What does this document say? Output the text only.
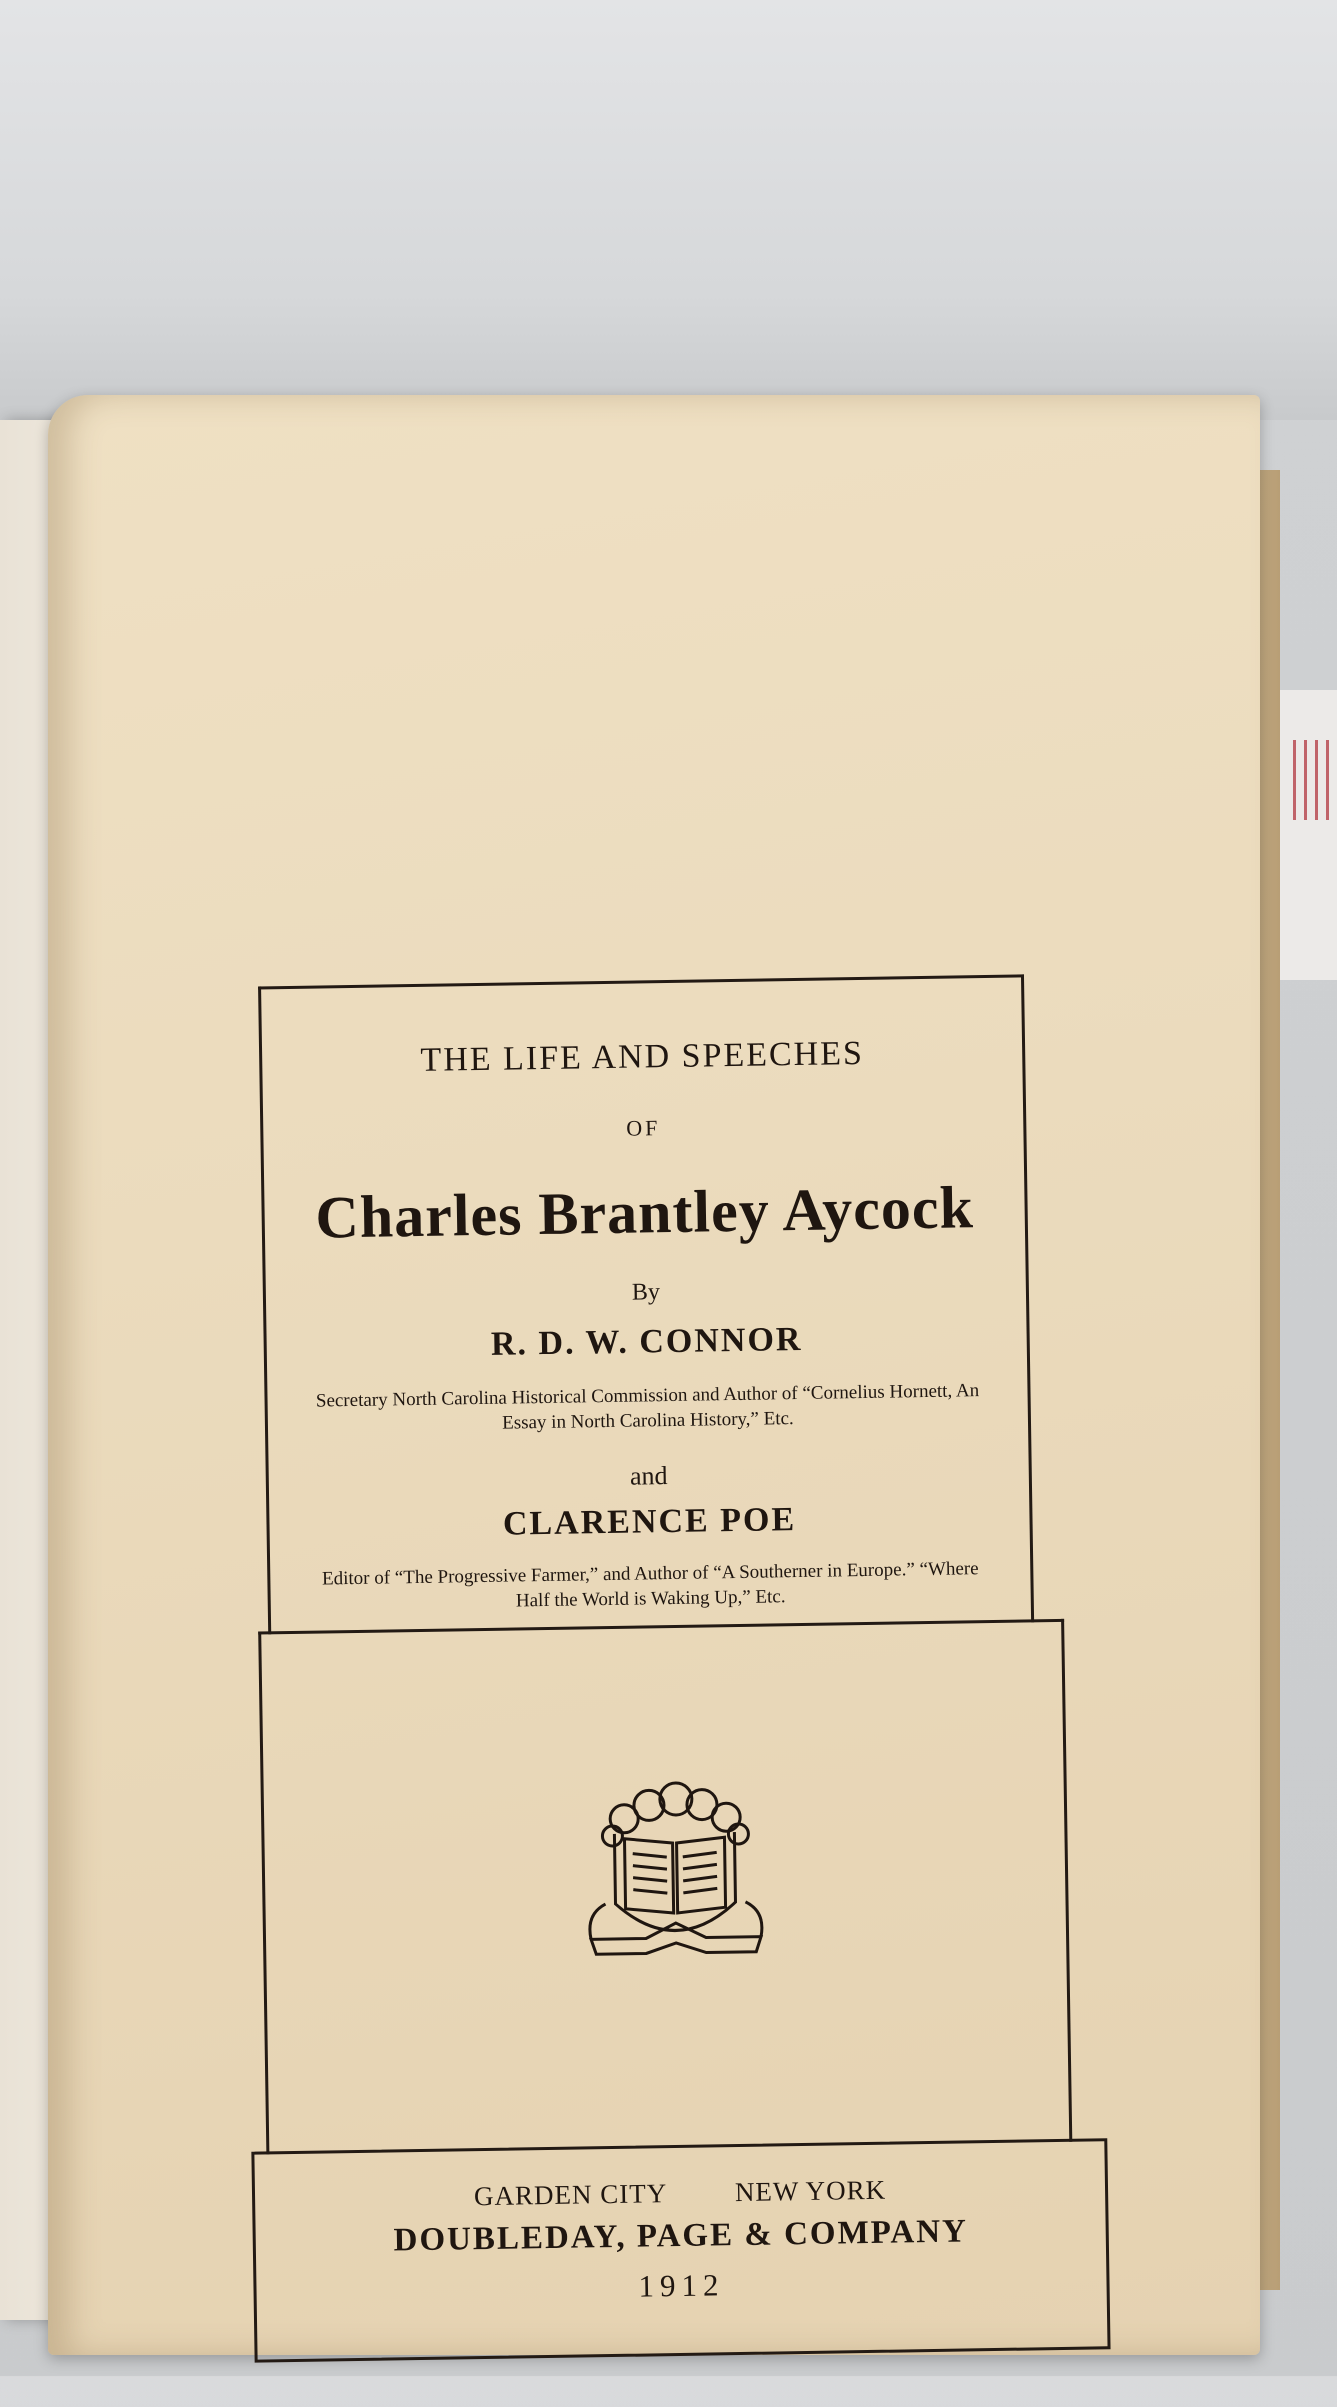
THE LIFE AND SPEECHES
OF
Charles Brantley Aycock
By
R. D. W. CONNOR
Secretary North Carolina Historical Commission and Author of “Cornelius Hornett, An Essay in North Carolina History,” Etc.
and
CLARENCE POE
Editor of “The Progressive Farmer,” and Author of “A Southerner in Europe.” “Where Half the World is Waking Up,” Etc.
GARDEN CITY NEW YORK
DOUBLEDAY, PAGE & COMPANY
1912
